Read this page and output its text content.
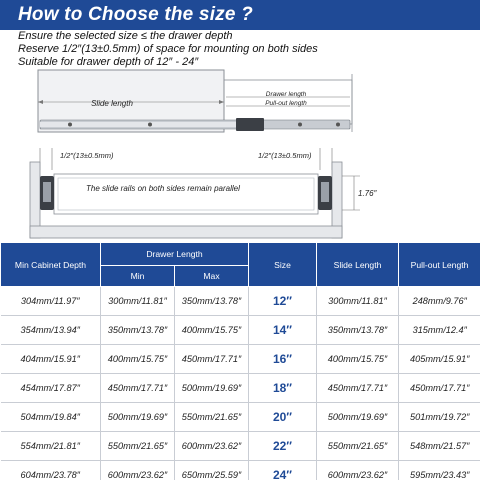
How to Choose the size ?
Ensure the selected size ≤ the drawer depth
Reserve 1/2″(13±0.5mm) of space for mounting on both sides
Suitable for drawer depth of 12″ - 24″
Slide length
Drawer length
Pull-out length
1/2″(13±0.5mm)	1/2″(13±0.5mm)
The slide rails on both sides remain parallel
1.76″
Min Cabinet Depth	Drawer Length		Size	Slide Length	Pull-out Length
	Min	Max			
304mm/11.97″	300mm/11.81″	350mm/13.78″	12″	300mm/11.81″	248mm/9.76″
354mm/13.94″	350mm/13.78″	400mm/15.75″	14″	350mm/13.78″	315mm/12.4″
404mm/15.91″	400mm/15.75″	450mm/17.71″	16″	400mm/15.75″	405mm/15.91″
454mm/17.87″	450mm/17.71″	500mm/19.69″	18″	450mm/17.71″	450mm/17.71″
504mm/19.84″	500mm/19.69″	550mm/21.65″	20″	500mm/19.69″	501mm/19.72″
554mm/21.81″	550mm/21.65″	600mm/23.62″	22″	550mm/21.65″	548mm/21.57″
604mm/23.78″	600mm/23.62″	650mm/25.59″	24″	600mm/23.62″	595mm/23.43″
